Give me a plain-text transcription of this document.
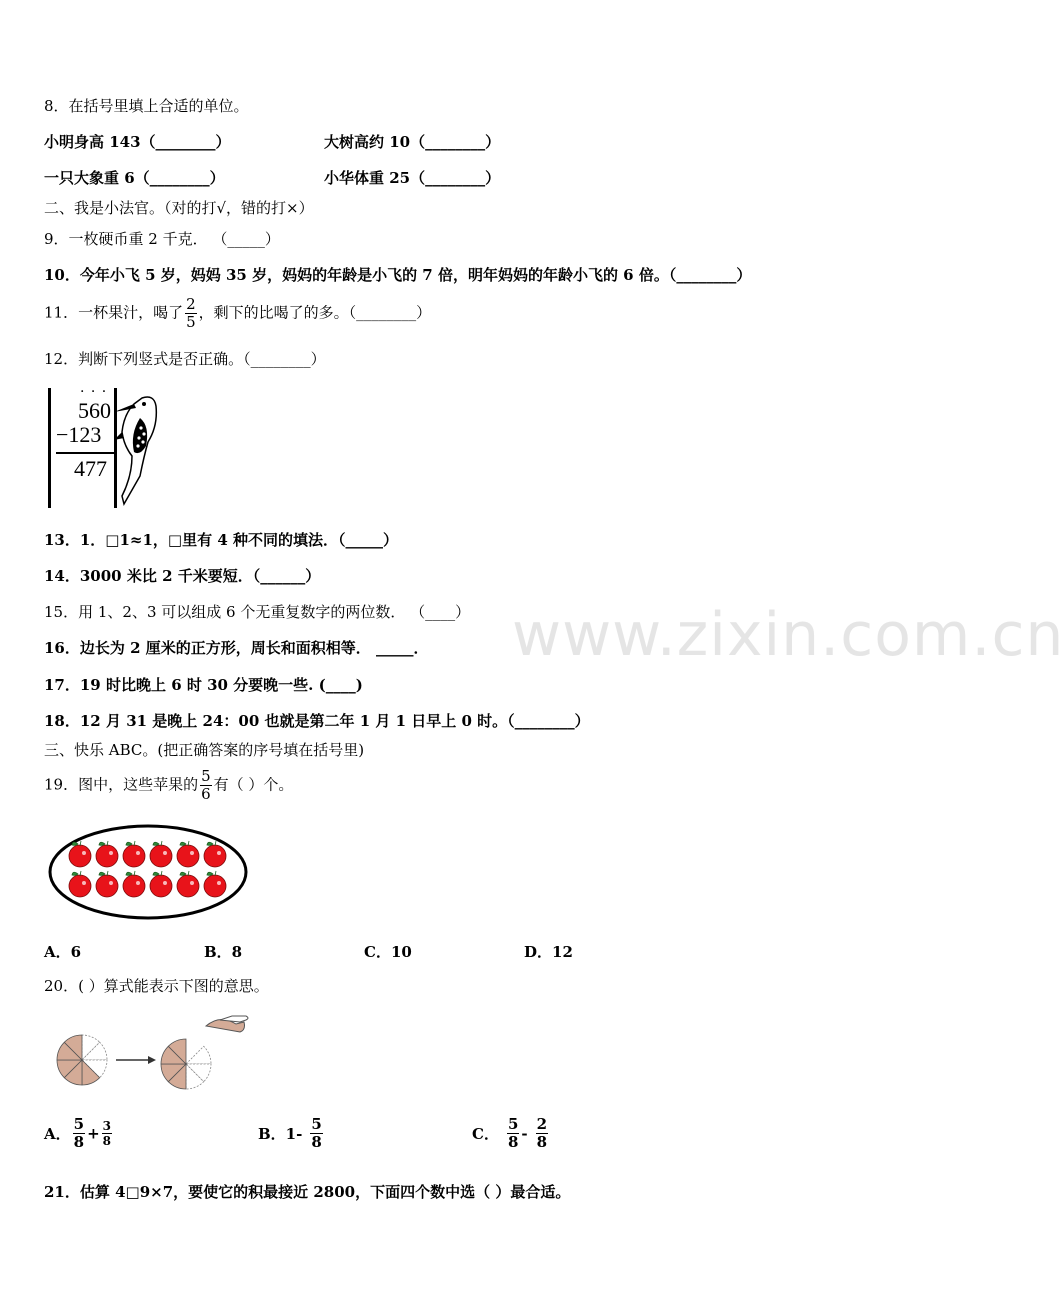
www.zixin.com.cn
8．在括号里填上合适的单位。
小明身高 143（________）	大树高约 10（________）
一只大象重 6（________）	小华体重 25（________）
二、我是小法官。（对的打√，错的打×）
9．一枚硬币重 2 千克． （_____）
10．今年小飞 5 岁，妈妈 35 岁，妈妈的年龄是小飞的 7 倍，明年妈妈的年龄小飞的 6 倍。（________）
11．一杯果汁，喝了 $\frac{2}{5}$ ，剩下的比喝了的多。（________）
12．判断下列竖式是否正确。（________）
· · ·
560
−123
477
13．1．□1≈1，□里有 4 种不同的填法．（_____）
14．3000 米比 2 千米要短．（______）
15．用 1、2、3 可以组成 6 个无重复数字的两位数． （____）
16．边长为 2 厘米的正方形，周长和面积相等． _____．
17．19 时比晚上 6 时 30 分要晚一些. (____)
18．12 月 31 是晚上 24：00 也就是第二年 1 月 1 日早上 0 时。（________）
三、快乐 ABC。(把正确答案的序号填在括号里)
19．图中，这些苹果的 $\frac{5}{6}$ 有（ ）个。
A．6	B．8	C．10	D．12
20．( ）算式能表示下图的意思。
A． $\frac{5}{8} + \frac{3}{8}$	B．$1- \frac{5}{8}$	C． $\frac{5}{8} - \frac{2}{8}$
21．估算 4□9×7，要使它的积最接近 2800，下面四个数中选（ ）最合适。
